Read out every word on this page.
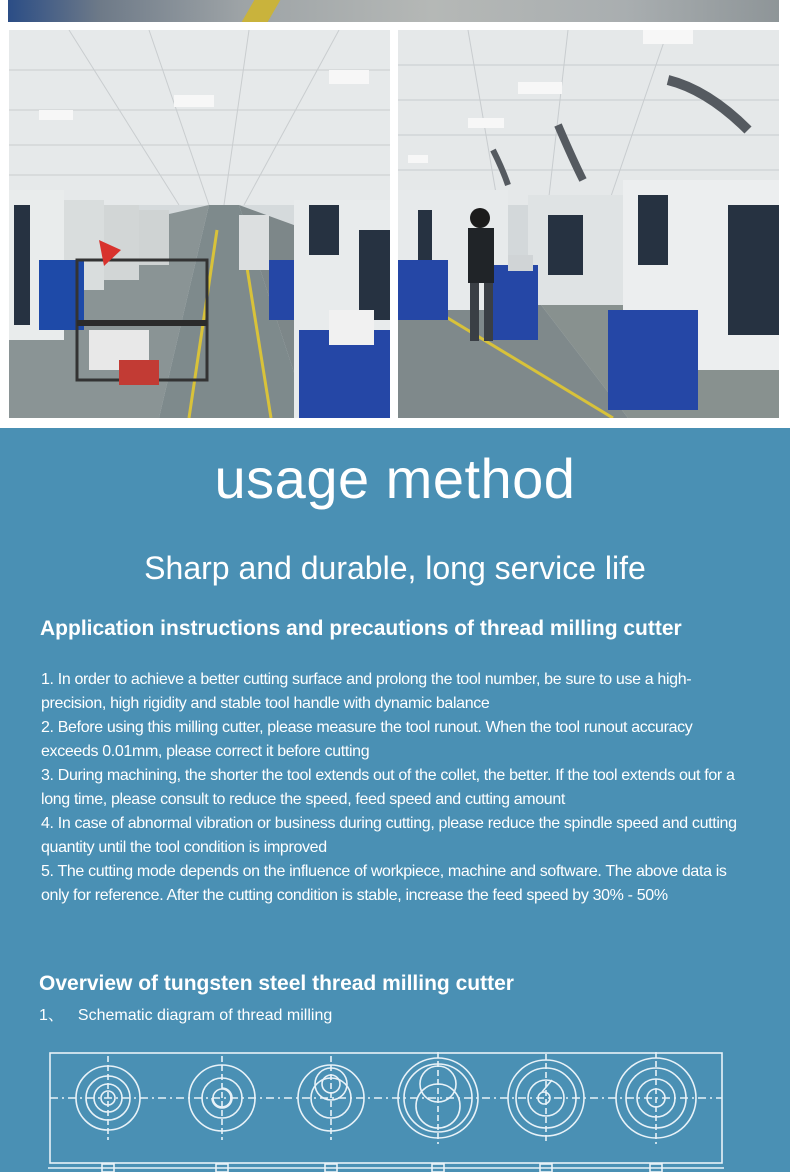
usage method
Sharp and durable, long service life
Application instructions and precautions of thread milling cutter

1. In order to achieve a better cutting surface and prolong the tool number, be sure to use a high-precision, high rigidity and stable tool handle with dynamic balance

2. Before using this milling cutter, please measure the tool runout. When the tool runout accuracy exceeds 0.01mm, please correct it before cutting

3. During machining, the shorter the tool extends out of the collet, the better. If the tool extends out for a long time, please consult to reduce the speed, feed speed and cutting amount

4. In case of abnormal vibration or business during cutting, please reduce the spindle speed and cutting quantity until the tool condition is improved

5. The cutting mode depends on the influence of workpiece, machine and software. The above data is only for reference. After the cutting condition is stable, increase the feed speed by 30% - 50%

Overview of tungsten steel thread milling cutter
1、 Schematic diagram of thread milling
